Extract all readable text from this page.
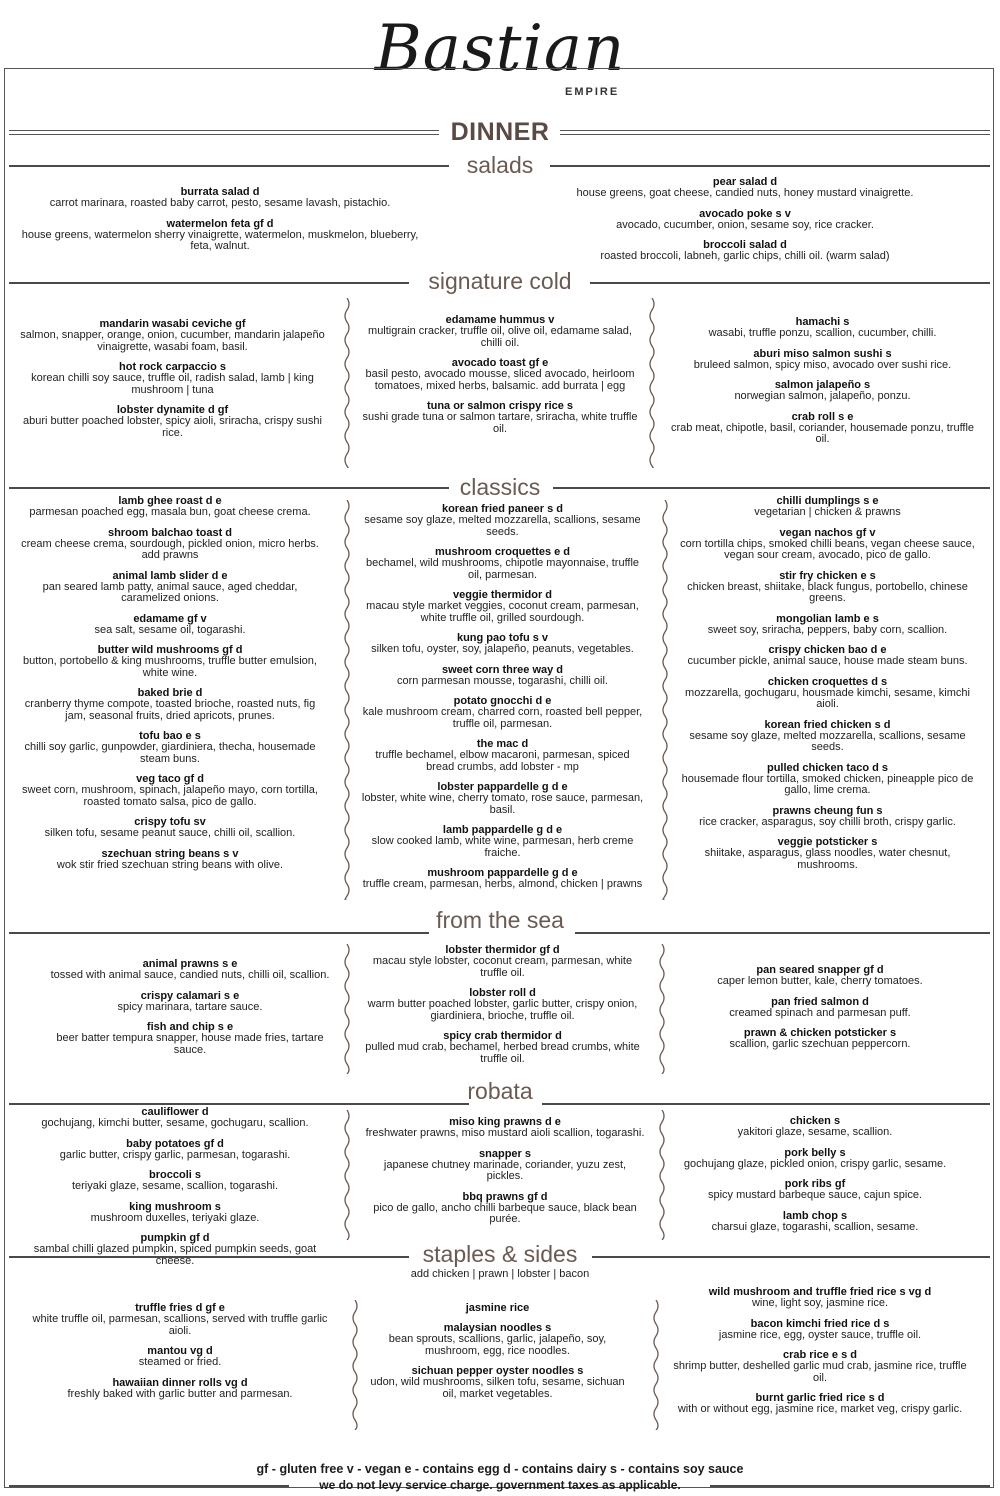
Bastian
EMPIRE
DINNER
salads
burrata salad d
carrot marinara, roasted baby carrot, pesto, sesame lavash, pistachio.
watermelon feta gf d
house greens, watermelon sherry vinaigrette, watermelon, muskmelon, blueberry, feta, walnut.
pear salad d
house greens, goat cheese, candied nuts, honey mustard vinaigrette.
avocado poke s v
avocado, cucumber, onion, sesame soy, rice cracker.
broccoli salad d
roasted broccoli, labneh, garlic chips, chilli oil. (warm salad)
signature cold
mandarin wasabi ceviche gf
salmon, snapper, orange, onion, cucumber, mandarin jalapeño vinaigrette, wasabi foam, basil.
hot rock carpaccio s
korean chilli soy sauce, truffle oil, radish salad, lamb | king mushroom | tuna
lobster dynamite d gf
aburi butter poached lobster, spicy aioli, sriracha, crispy sushi rice.
edamame hummus v
multigrain cracker, truffle oil, olive oil, edamame salad, chilli oil.
avocado toast gf e
basil pesto, avocado mousse, sliced avocado, heirloom tomatoes, mixed herbs, balsamic. add burrata | egg
tuna or salmon crispy rice s
sushi grade tuna or salmon tartare, sriracha, white truffle oil.
hamachi s
wasabi, truffle ponzu, scallion, cucumber, chilli.
aburi miso salmon sushi s
bruleed salmon, spicy miso, avocado over sushi rice.
salmon jalapeño s
norwegian salmon, jalapeño, ponzu.
crab roll s e
crab meat, chipotle, basil, coriander, housemade ponzu, truffle oil.
classics
lamb ghee roast d e
parmesan poached egg, masala bun, goat cheese crema.
shroom balchao toast d
cream cheese crema, sourdough, pickled onion, micro herbs. add prawns
animal lamb slider d e
pan seared lamb patty, animal sauce, aged cheddar, caramelized onions.
edamame gf v
sea salt, sesame oil, togarashi.
butter wild mushrooms gf d
button, portobello & king mushrooms, truffle butter emulsion, white wine.
baked brie d
cranberry thyme compote, toasted brioche, roasted nuts, fig jam, seasonal fruits, dried apricots, prunes.
tofu bao e s
chilli soy garlic, gunpowder, giardiniera, thecha, housemade steam buns.
veg taco gf d
sweet corn, mushroom, spinach, jalapeño mayo, corn tortilla, roasted tomato salsa, pico de gallo.
crispy tofu sv
silken tofu, sesame peanut sauce, chilli oil, scallion.
szechuan string beans s v
wok stir fried szechuan string beans with olive.
korean fried paneer s d
sesame soy glaze, melted mozzarella, scallions, sesame seeds.
mushroom croquettes e d
bechamel, wild mushrooms, chipotle mayonnaise, truffle oil, parmesan.
veggie thermidor d
macau style market veggies, coconut cream, parmesan, white truffle oil, grilled sourdough.
kung pao tofu s v
silken tofu, oyster, soy, jalapeño, peanuts, vegetables.
sweet corn three way d
corn parmesan mousse, togarashi, chilli oil.
potato gnocchi d e
kale mushroom cream, charred corn, roasted bell pepper, truffle oil, parmesan.
the mac d
truffle bechamel, elbow macaroni, parmesan, spiced bread crumbs, add lobster - mp
lobster pappardelle g d e
lobster, white wine, cherry tomato, rose sauce, parmesan, basil.
lamb pappardelle g d e
slow cooked lamb, white wine, parmesan, herb creme fraiche.
mushroom pappardelle g d e
truffle cream, parmesan, herbs, almond, chicken | prawns
chilli dumplings s e
vegetarian | chicken & prawns
vegan nachos gf v
corn tortilla chips, smoked chilli beans, vegan cheese sauce, vegan sour cream, avocado, pico de gallo.
stir fry chicken e s
chicken breast, shiitake, black fungus, portobello, chinese greens.
mongolian lamb e s
sweet soy, sriracha, peppers, baby corn, scallion.
crispy chicken bao d e
cucumber pickle, animal sauce, house made steam buns.
chicken croquettes d s
mozzarella, gochugaru, housmade kimchi, sesame, kimchi aioli.
korean fried chicken s d
sesame soy glaze, melted mozzarella, scallions, sesame seeds.
pulled chicken taco d s
housemade flour tortilla, smoked chicken, pineapple pico de gallo, lime crema.
prawns cheung fun s
rice cracker, asparagus, soy chilli broth, crispy garlic.
veggie potsticker s
shiitake, asparagus, glass noodles, water chesnut, mushrooms.
from the sea
animal prawns s e
tossed with animal sauce, candied nuts, chilli oil, scallion.
crispy calamari s e
spicy marinara, tartare sauce.
fish and chip s e
beer batter tempura snapper, house made fries, tartare sauce.
lobster thermidor gf d
macau style lobster, coconut cream, parmesan, white truffle oil.
lobster roll d
warm butter poached lobster, garlic butter, crispy onion, giardiniera, brioche, truffle oil.
spicy crab thermidor d
pulled mud crab, bechamel, herbed bread crumbs, white truffle oil.
pan seared snapper gf d
caper lemon butter, kale, cherry tomatoes.
pan fried salmon d
creamed spinach and parmesan puff.
prawn & chicken potsticker s
scallion, garlic szechuan peppercorn.
robata
cauliflower d
gochujang, kimchi butter, sesame, gochugaru, scallion.
baby potatoes gf d
garlic butter, crispy garlic, parmesan, togarashi.
broccoli s
teriyaki glaze, sesame, scallion, togarashi.
king mushroom s
mushroom duxelles, teriyaki glaze.
pumpkin gf d
sambal chilli glazed pumpkin, spiced pumpkin seeds, goat cheese.
miso king prawns d e
freshwater prawns, miso mustard aioli scallion, togarashi.
snapper s
japanese chutney marinade, coriander, yuzu zest, pickles.
bbq prawns gf d
pico de gallo, ancho chilli barbeque sauce, black bean purée.
chicken s
yakitori glaze, sesame, scallion.
pork belly s
gochujang glaze, pickled onion, crispy garlic, sesame.
pork ribs gf
spicy mustard barbeque sauce, cajun spice.
lamb chop s
charsui glaze, togarashi, scallion, sesame.
staples & sides
add chicken | prawn | lobster | bacon
truffle fries d gf e
white truffle oil, parmesan, scallions, served with truffle garlic aioli.
mantou vg d
steamed or fried.
hawaiian dinner rolls vg d
freshly baked with garlic butter and parmesan.
jasmine rice
malaysian noodles s
bean sprouts, scallions, garlic, jalapeño, soy, mushroom, egg, rice noodles.
sichuan pepper oyster noodles s
udon, wild mushrooms, silken tofu, sesame, sichuan oil, market vegetables.
wild mushroom and truffle fried rice s vg d
wine, light soy, jasmine rice.
bacon kimchi fried rice d s
jasmine rice, egg, oyster sauce, truffle oil.
crab rice e s d
shrimp butter, deshelled garlic mud crab, jasmine rice, truffle oil.
burnt garlic fried rice s d
with or without egg, jasmine rice, market veg, crispy garlic.
gf - gluten free v - vegan e - contains egg d - contains dairy s - contains soy sauce
we do not levy service charge. government taxes as applicable.
